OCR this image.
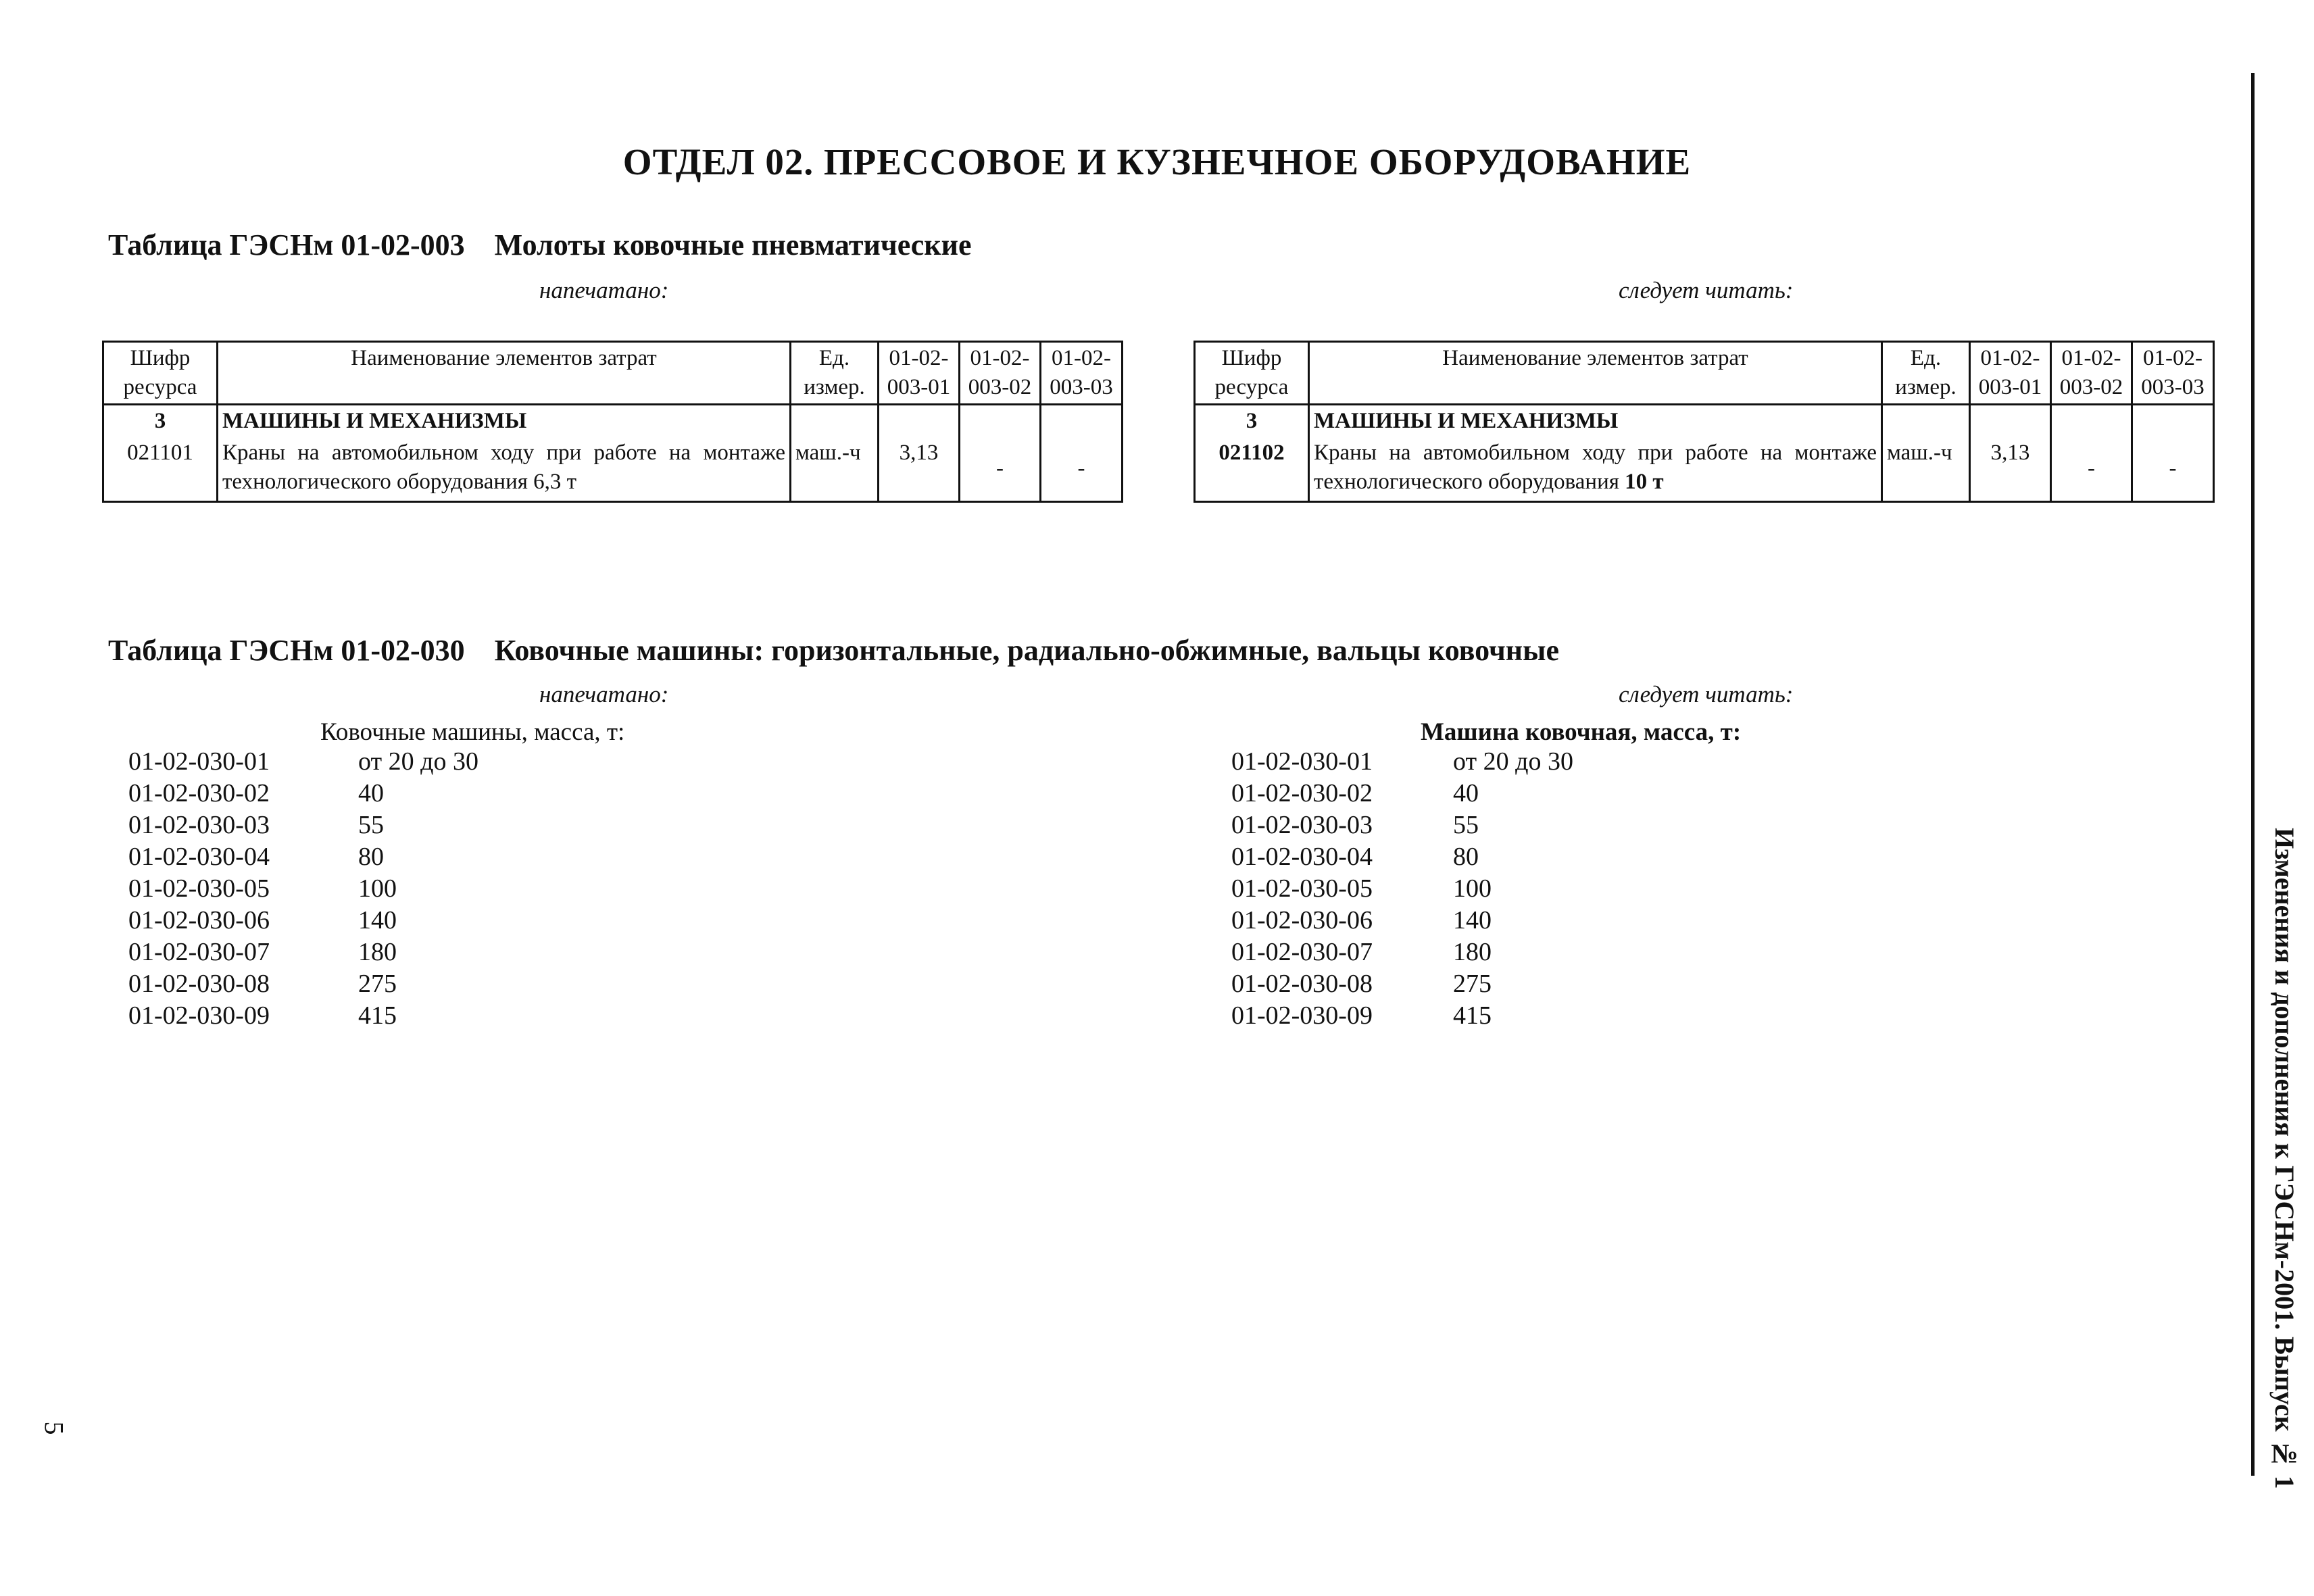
ОТДЕЛ 02. ПРЕССОВОЕ И КУЗНЕЧНОЕ ОБОРУДОВАНИЕ
Таблица ГЭСНм 01-02-003 Молоты ковочные пневматические
напечатано:	следует читать:
Шифр ресурса	Наименование элементов затрат	Ед. измер.	01-02-003-01	01-02-003-02	01-02-003-03
3	МАШИНЫ И МЕХАНИЗМЫ				
021101	Краны на автомобильном ходу при работе на монтаже технологического оборудования 6,3 т	маш.-ч	3,13	-	-
Шифр ресурса	Наименование элементов затрат	Ед. измер.	01-02-003-01	01-02-003-02	01-02-003-03
3	МАШИНЫ И МЕХАНИЗМЫ				
021102	Краны на автомобильном ходу при работе на монтаже технологического оборудования 10 т	маш.-ч	3,13	-	-
Таблица ГЭСНм 01-02-030 Ковочные машины: горизонтальные, радиально-обжимные, вальцы ковочные
напечатано:	следует читать:
Ковочные машины, масса, т:	Машина ковочная, масса, т:
01-02-030-01	от 20 до 30
01-02-030-02	40
01-02-030-03	55
01-02-030-04	80
01-02-030-05	100
01-02-030-06	140
01-02-030-07	180
01-02-030-08	275
01-02-030-09	415
01-02-030-01	от 20 до 30
01-02-030-02	40
01-02-030-03	55
01-02-030-04	80
01-02-030-05	100
01-02-030-06	140
01-02-030-07	180
01-02-030-08	275
01-02-030-09	415	Изменения и дополнения к ГЭСНм-2001. Выпуск № 1
5
